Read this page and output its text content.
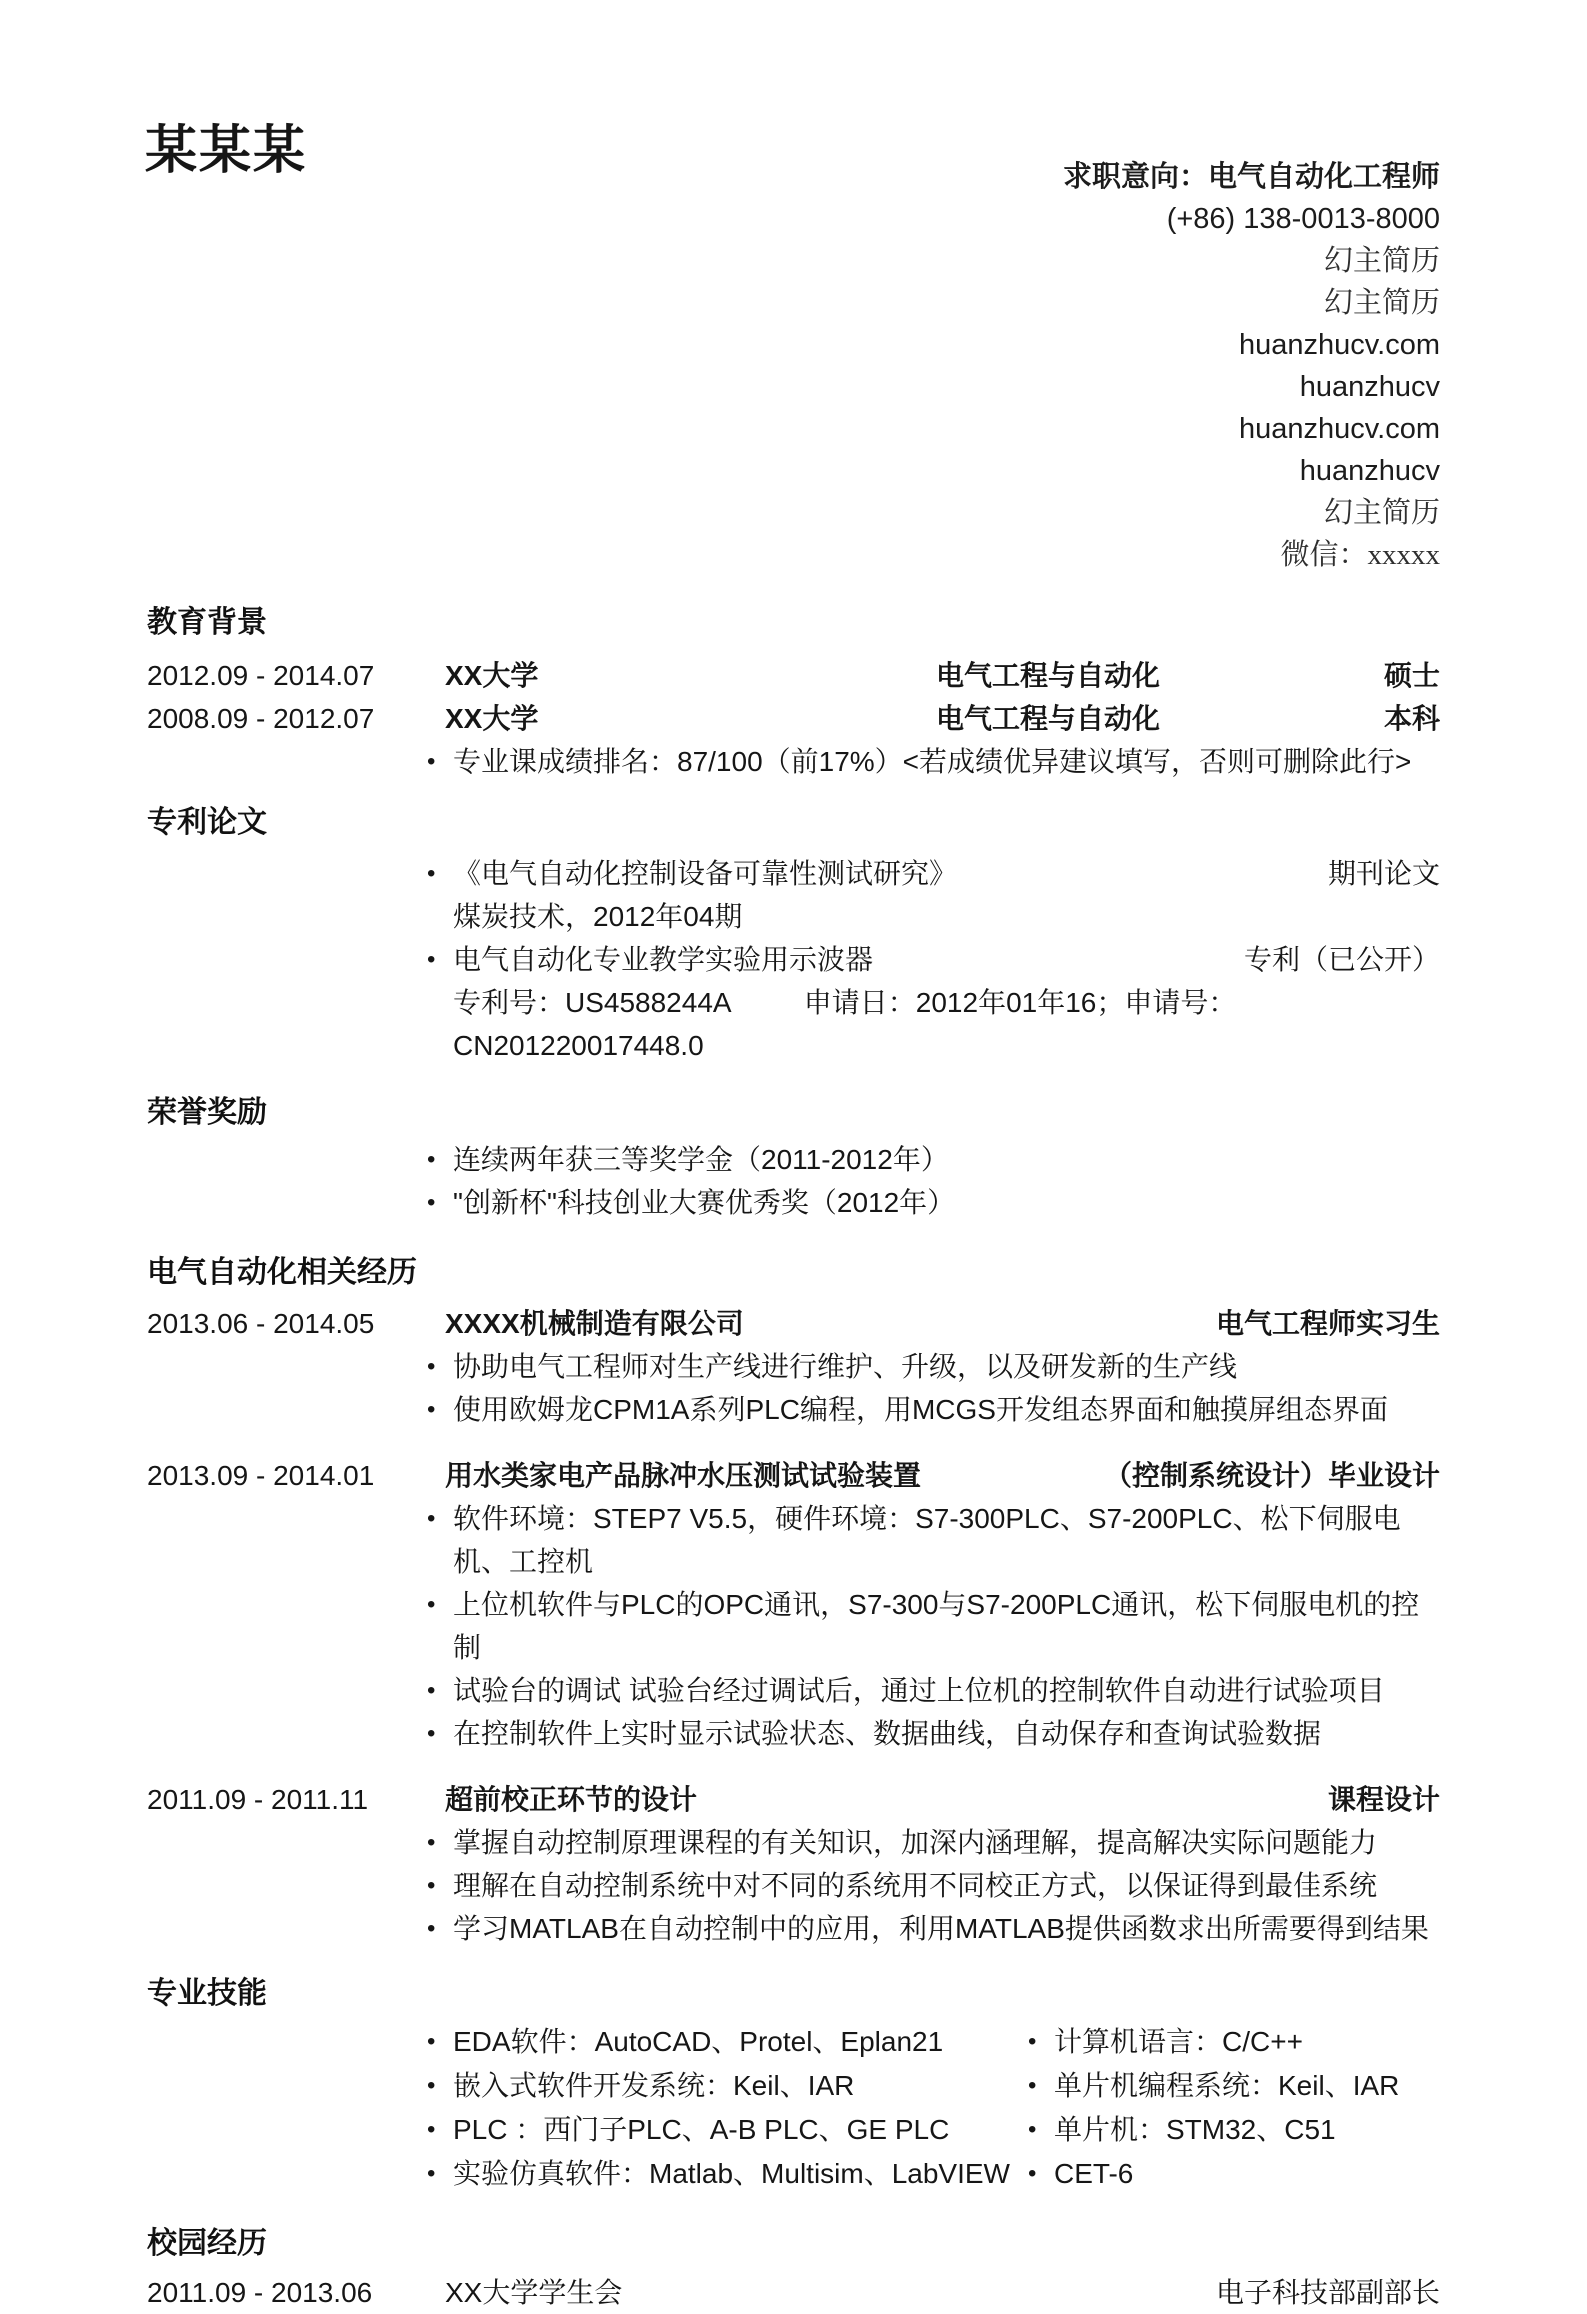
某某某	求职意向：电气自动化工程师
(+86) 138-0013-8000
幻主简历
幻主简历
huanzhucv.com
huanzhucv
huanzhucv.com
huanzhucv
幻主简历
微信：xxxxx
教育背景
2012.09 - 2014.07	XX大学	电气工程与自动化	硕士
2008.09 - 2012.07	XX大学	电气工程与自动化	本科
• 专业课成绩排名：87/100（前17%）<若成绩优异建议填写，否则可删除此行>
专利论文
• 《电气自动化控制设备可靠性测试研究》	期刊论文
煤炭技术，2012年04期
• 电气自动化专业教学实验用示波器	专利（已公开）
专利号：US4588244A	申请日：2012年01年16；申请号：CN201220017448.0
荣誉奖励
• 连续两年获三等奖学金（2011-2012年）
• "创新杯"科技创业大赛优秀奖（2012年）
电气自动化相关经历
2013.06 - 2014.05	XXXX机械制造有限公司	电气工程师实习生
• 协助电气工程师对生产线进行维护、升级，以及研发新的生产线
• 使用欧姆龙CPM1A系列PLC编程，用MCGS开发组态界面和触摸屏组态界面
2013.09 - 2014.01	用水类家电产品脉冲水压测试试验装置	（控制系统设计）毕业设计
• 软件环境：STEP7 V5.5，硬件环境：S7-300PLC、S7-200PLC、松下伺服电机、工控机
• 上位机软件与PLC的OPC通讯，S7-300与S7-200PLC通讯，松下伺服电机的控制
• 试验台的调试 试验台经过调试后，通过上位机的控制软件自动进行试验项目
• 在控制软件上实时显示试验状态、数据曲线，自动保存和查询试验数据
2011.09 - 2011.11	超前校正环节的设计	课程设计
• 掌握自动控制原理课程的有关知识，加深内涵理解，提高解决实际问题能力
• 理解在自动控制系统中对不同的系统用不同校正方式，以保证得到最佳系统
• 学习MATLAB在自动控制中的应用，利用MATLAB提供函数求出所需要得到结果
专业技能
• EDA软件：AutoCAD、Protel、Eplan21	• 计算机语言：C/C++
• 嵌入式软件开发系统：Keil、IAR	• 单片机编程系统：Keil、IAR
• PLC ：西门子PLC、A-B PLC、GE PLC	• 单片机：STM32、C51
• 实验仿真软件：Matlab、Multisim、LabVIEW • CET-6
校园经历
2011.09 - 2013.06	XX大学学生会	电子科技部副部长
